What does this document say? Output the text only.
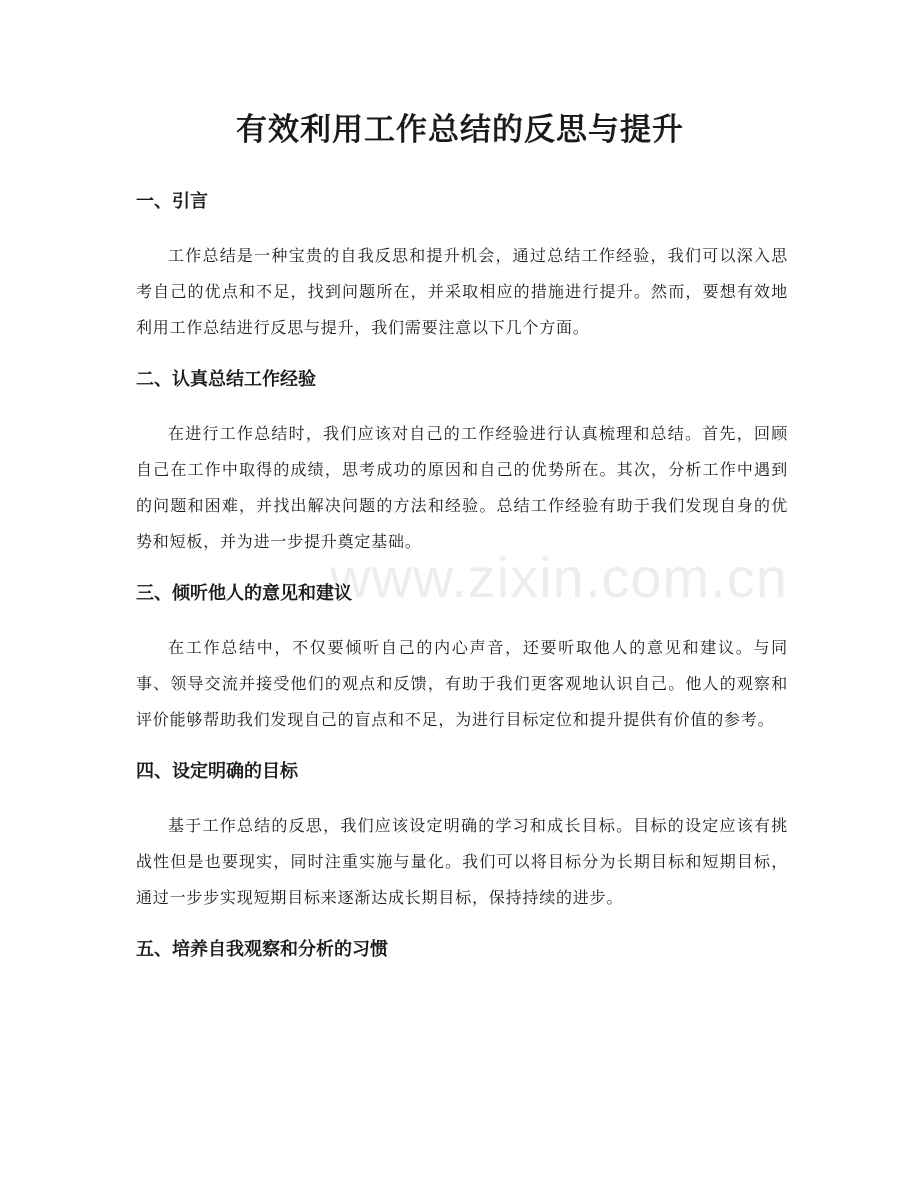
有效利用工作总结的反思与提升
一、引言

工作总结是一种宝贵的自我反思和提升机会，通过总结工作经验，我们可以深入思考自己的优点和不足，找到问题所在，并采取相应的措施进行提升。然而，要想有效地利用工作总结进行反思与提升，我们需要注意以下几个方面。

二、认真总结工作经验

在进行工作总结时，我们应该对自己的工作经验进行认真梳理和总结。首先，回顾自己在工作中取得的成绩，思考成功的原因和自己的优势所在。其次，分析工作中遇到的问题和困难，并找出解决问题的方法和经验。总结工作经验有助于我们发现自身的优势和短板，并为进一步提升奠定基础。

三、倾听他人的意见和建议

在工作总结中，不仅要倾听自己的内心声音，还要听取他人的意见和建议。与同事、领导交流并接受他们的观点和反馈，有助于我们更客观地认识自己。他人的观察和评价能够帮助我们发现自己的盲点和不足，为进行目标定位和提升提供有价值的参考。

四、设定明确的目标

基于工作总结的反思，我们应该设定明确的学习和成长目标。目标的设定应该有挑战性但是也要现实，同时注重实施与量化。我们可以将目标分为长期目标和短期目标，通过一步步实现短期目标来逐渐达成长期目标，保持持续的进步。

五、培养自我观察和分析的习惯
www.zixin.com.cn
